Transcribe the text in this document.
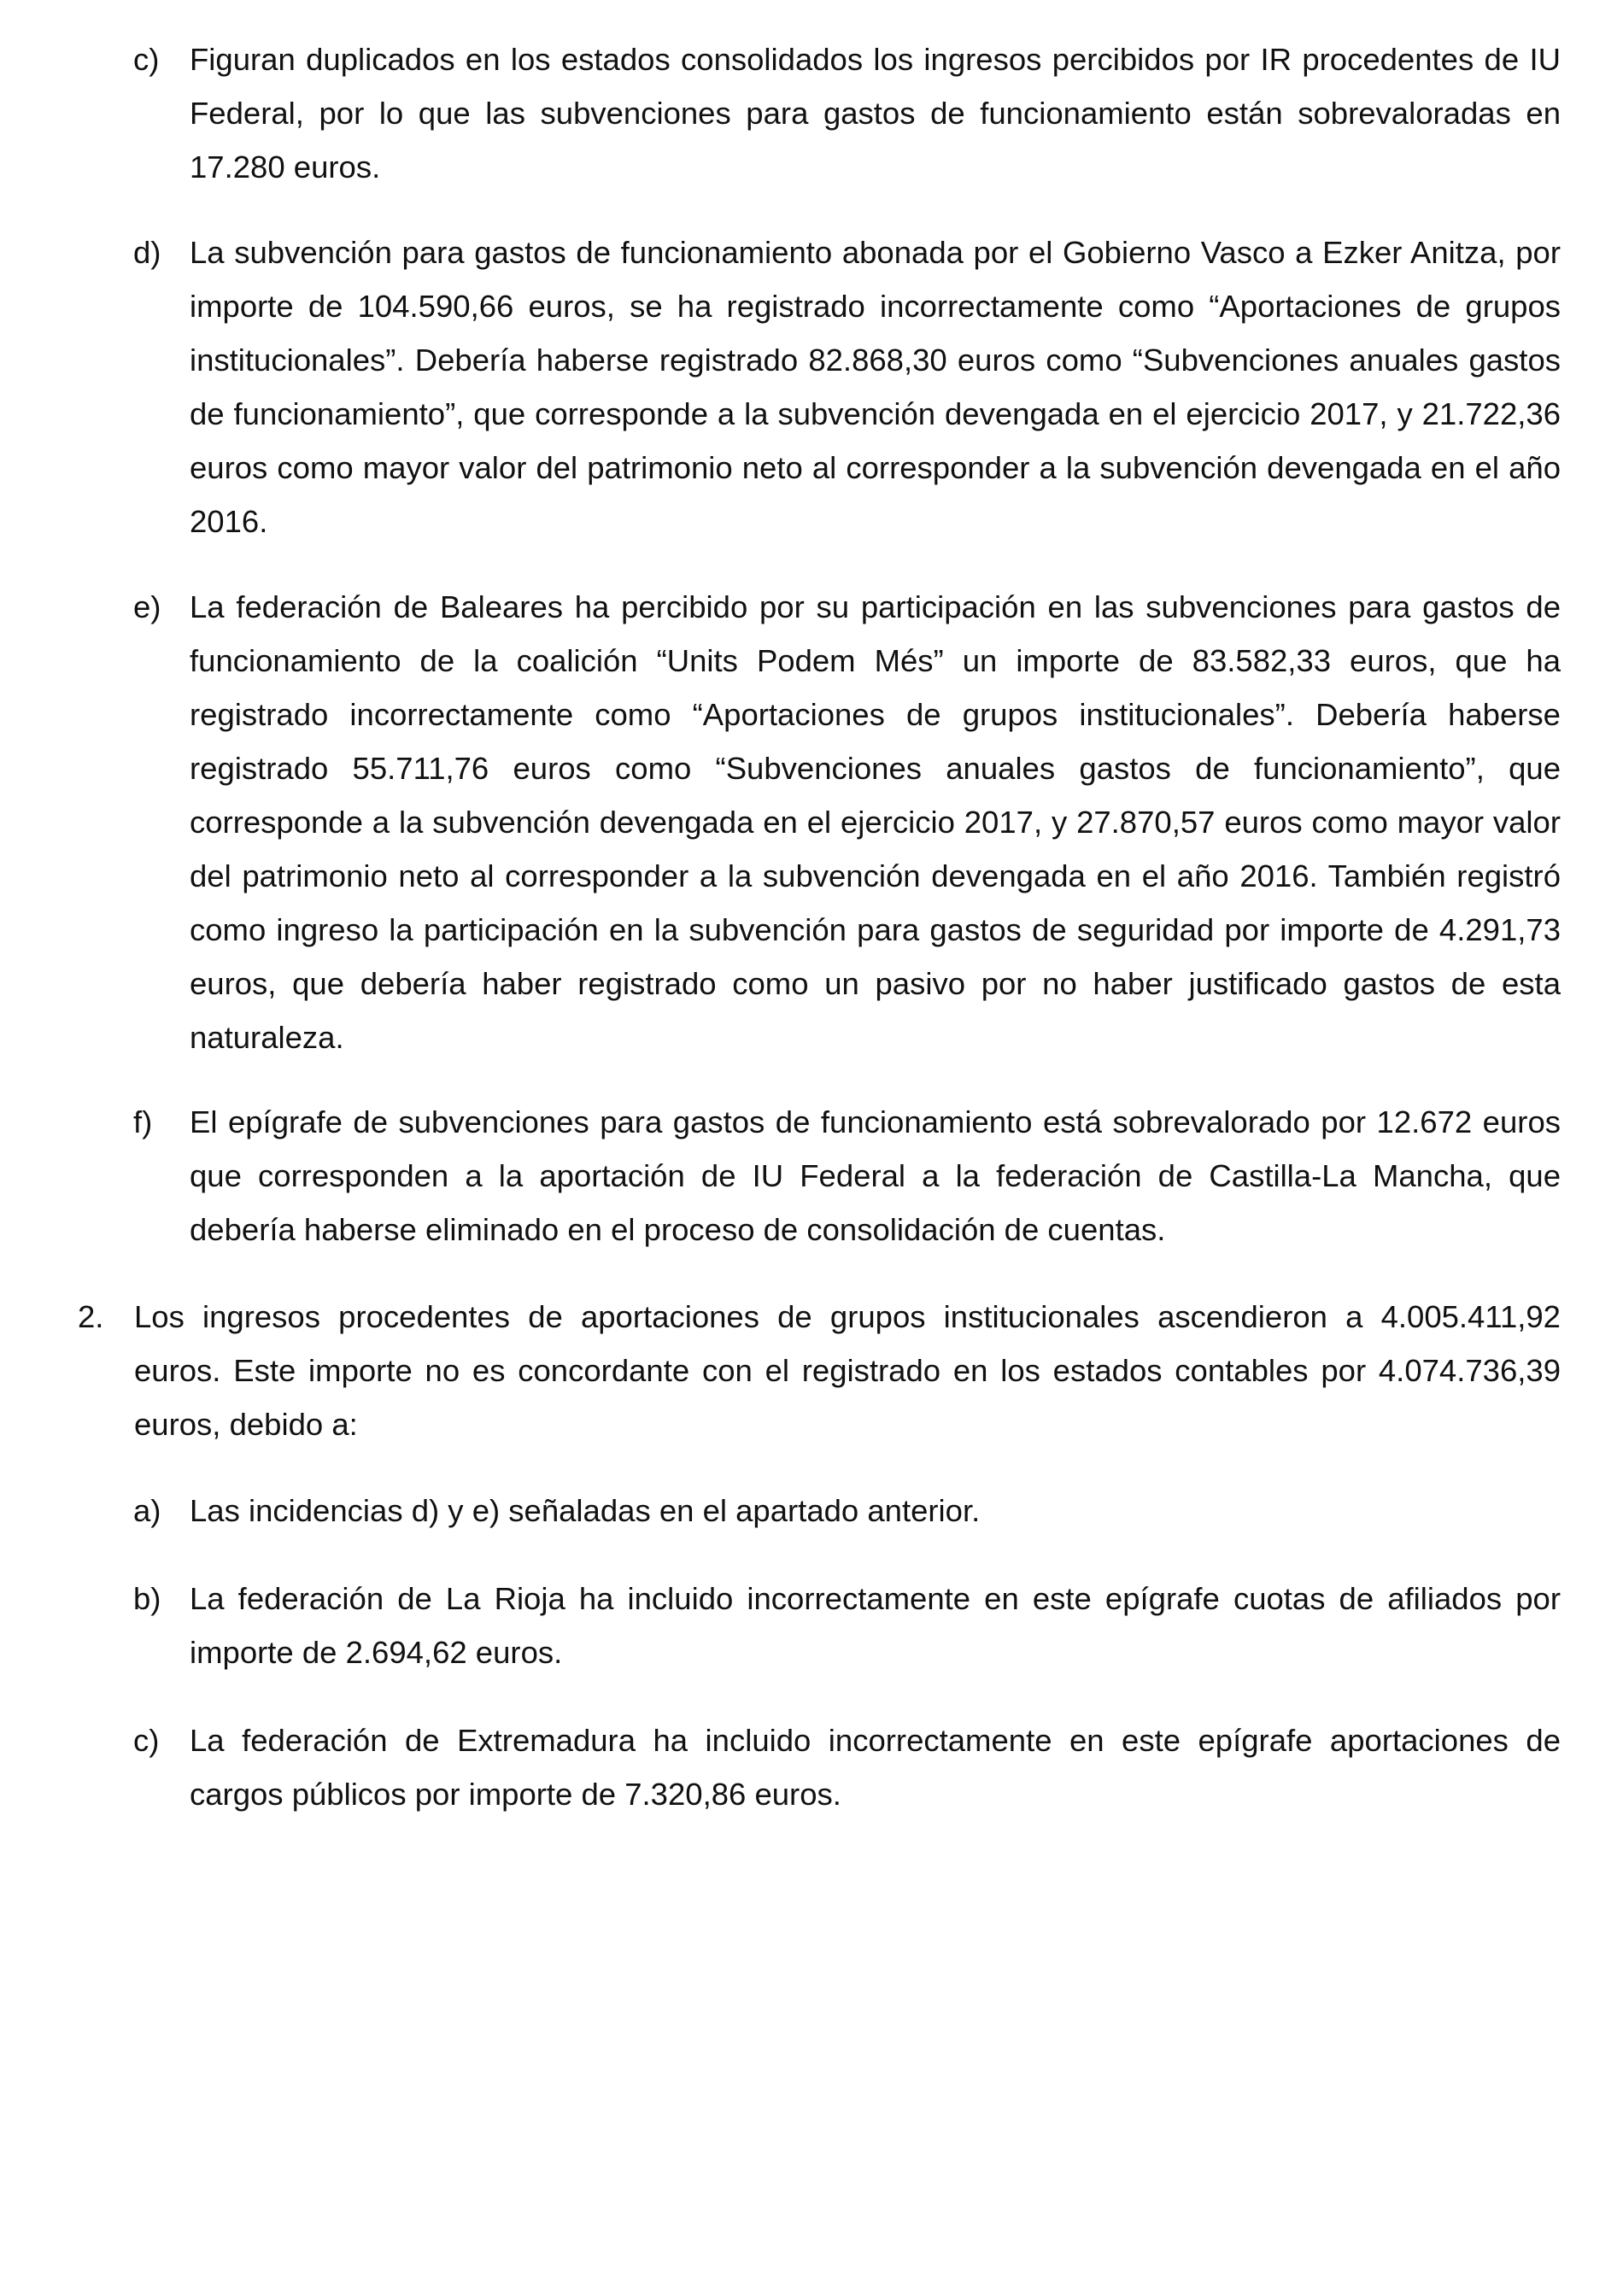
c) Figuran duplicados en los estados consolidados los ingresos percibidos por IR procedentes de IU Federal, por lo que las subvenciones para gastos de funcionamiento están sobrevaloradas en 17.280 euros.
d) La subvención para gastos de funcionamiento abonada por el Gobierno Vasco a Ezker Anitza, por importe de 104.590,66 euros, se ha registrado incorrectamente como “Aportaciones de grupos institucionales”. Debería haberse registrado 82.868,30 euros como “Subvenciones anuales gastos de funcionamiento”, que corresponde a la subvención devengada en el ejercicio 2017, y 21.722,36 euros como mayor valor del patrimonio neto al corresponder a la subvención devengada en el año 2016.
e) La federación de Baleares ha percibido por su participación en las subvenciones para gastos de funcionamiento de la coalición “Units Podem Més” un importe de 83.582,33 euros, que ha registrado incorrectamente como “Aportaciones de grupos institucionales”. Debería haberse registrado 55.711,76 euros como “Subvenciones anuales gastos de funcionamiento”, que corresponde a la subvención devengada en el ejercicio 2017, y 27.870,57 euros como mayor valor del patrimonio neto al corresponder a la subvención devengada en el año 2016. También registró como ingreso la participación en la subvención para gastos de seguridad por importe de 4.291,73 euros, que debería haber registrado como un pasivo por no haber justificado gastos de esta naturaleza.
f) El epígrafe de subvenciones para gastos de funcionamiento está sobrevalorado por 12.672 euros que corresponden a la aportación de IU Federal a la federación de Castilla-La Mancha, que debería haberse eliminado en el proceso de consolidación de cuentas.
2. Los ingresos procedentes de aportaciones de grupos institucionales ascendieron a 4.005.411,92 euros. Este importe no es concordante con el registrado en los estados contables por 4.074.736,39 euros, debido a:
a) Las incidencias d) y e) señaladas en el apartado anterior.
b) La federación de La Rioja ha incluido incorrectamente en este epígrafe cuotas de afiliados por importe de 2.694,62 euros.
c) La federación de Extremadura ha incluido incorrectamente en este epígrafe aportaciones de cargos públicos por importe de 7.320,86 euros.
